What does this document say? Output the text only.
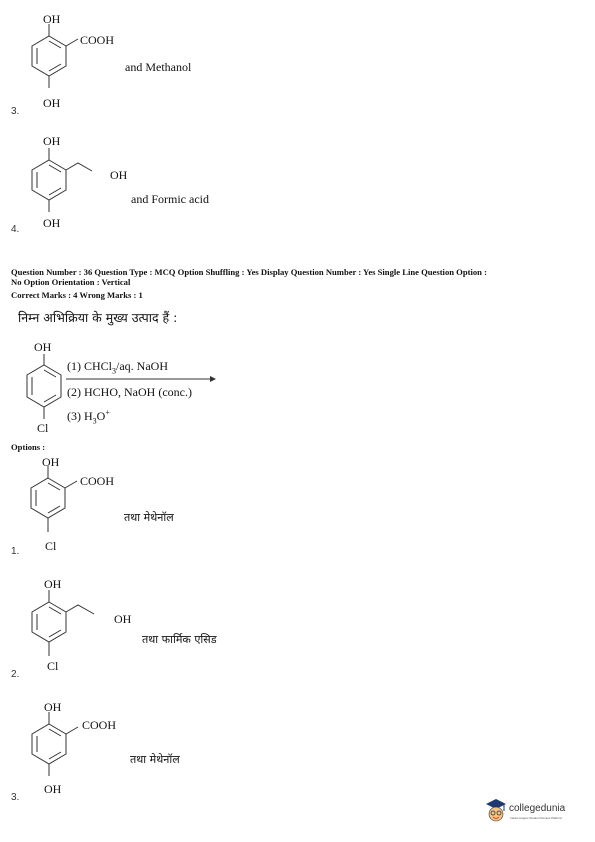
OH
COOH
OH
and Methanol
3.
OH
OH
OH
and Formic acid
4.
Question Number : 36 Question Type : MCQ Option Shuffling : Yes Display Question Number : Yes Single Line Question Option :
No Option Orientation : Vertical
Correct Marks : 4 Wrong Marks : 1
निम्न अभिक्रिया के मुख्य उत्पाद हैं :
OH
Cl
(1) CHCl$_3$/aq. NaOH
(2) HCHO, NaOH (conc.)
(3) $H_3O^+$
Options :
OH
COOH
Cl
तथा मेथेनॉल
1.
OH
OH
Cl
तथा फार्मिक एसिड
2.
OH
COOH
OH
तथा मेथेनॉल
3.
collegedunia
India's largest Student Review Platform
